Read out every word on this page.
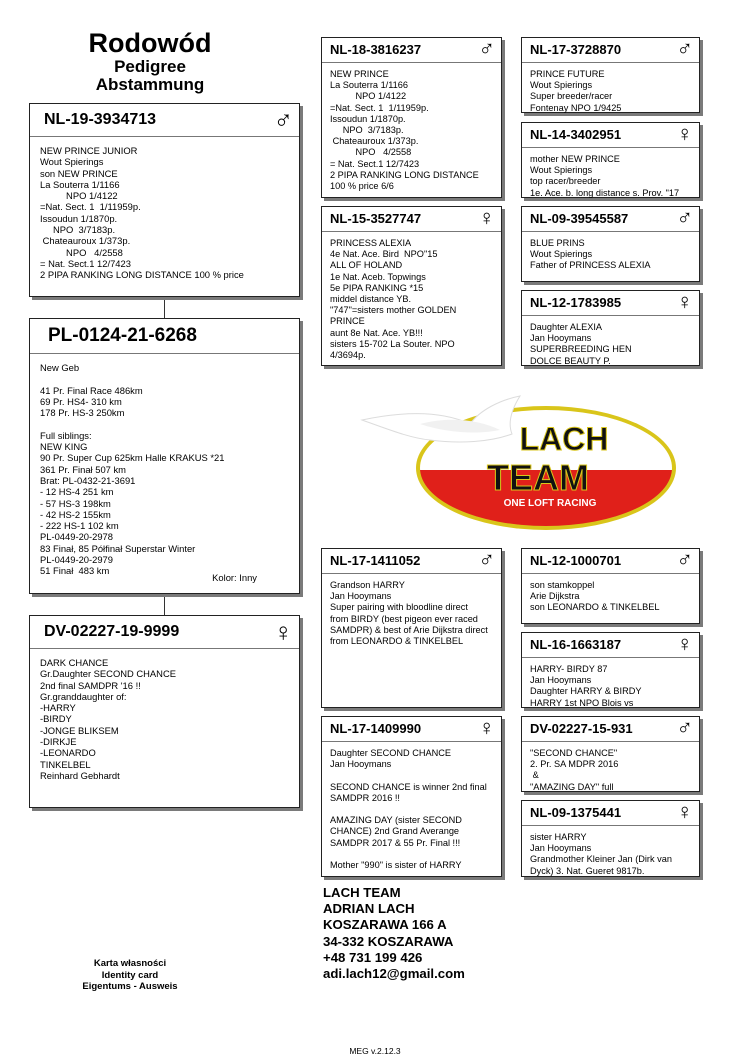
Rodowód
Pedigree
Abstammung
NL-19-3934713	♂
NEW PRINCE JUNIOR
Wout Spierings
son NEW PRINCE
La Souterra 1/1166
NPO 1/4122
=Nat. Sect. 1  1/11959p.
Issoudun 1/1870p.
NPO  3/7183p.
Chateauroux 1/373p.
NPO   4/2558
= Nat. Sect.1 12/7423
2 PIPA RANKING LONG DISTANCE 100 % price
PL-0124-21-6268
New Geb

41 Pr. Final Race 486km
69 Pr. HS4- 310 km
178 Pr. HS-3 250km

Full siblings:
NEW KING
90 Pr. Super Cup 625km Halle KRAKUS *21
361 Pr. Finał 507 km
Brat: PL-0432-21-3691
- 12 HS-4 251 km
- 57 HS-3 198km
- 42 HS-2 155km
- 222 HS-1 102 km
PL-0449-20-2978
83 Finał, 85 Półfinał Superstar Winter
PL-0449-20-2979
51 Finał  483 km
Kolor: Inny
DV-02227-19-9999	♀
DARK CHANCE
Gr.Daughter SECOND CHANCE
2nd final SAMDPR '16 !!
Gr.granddaughter of:
-HARRY
-BIRDY
-JONGE BLIKSEM
-DIRKJE
-LEONARDO
TINKELBEL
Reinhard Gebhardt
NL-18-3816237	♂
NEW PRINCE
La Souterra 1/1166
NPO 1/4122
=Nat. Sect. 1  1/11959p.
Issoudun 1/1870p.
NPO  3/7183p.
Chateauroux 1/373p.
NPO   4/2558
= Nat. Sect.1 12/7423
2 PIPA RANKING LONG DISTANCE
100 % price 6/6
NL-15-3527747	♀
PRINCESS ALEXIA
4e Nat. Ace. Bird  NPO"15
ALL OF HOLAND
1e Nat. Aceb. Topwings
5e PIPA RANKING *15
middel distance YB.
"747"=sisters mother GOLDEN
PRINCE
aunt 8e Nat. Ace. YB!!!
sisters 15-702 La Souter. NPO
4/3694p.
NL-17-1411052	♂
Grandson HARRY
Jan Hooymans
Super pairing with bloodline direct
from BIRDY (best pigeon ever raced
SAMDPR) & best of Arie Dijkstra direct
from LEONARDO & TINKELBEL
NL-17-1409990	♀
Daughter SECOND CHANCE
Jan Hooymans

SECOND CHANCE is winner 2nd final
SAMDPR 2016 !!

AMAZING DAY (sister SECOND
CHANCE) 2nd Grand Averange
SAMDPR 2017 & 55 Pr. Final !!!

Mother "990" is sister of HARRY
NL-17-3728870	♂
PRINCE FUTURE
Wout Spierings
Super breeder/racer
Fontenay NPO 1/9425
NL-14-3402951	♀
mother NEW PRINCE
Wout Spierings
top racer/breeder
1e. Ace. b. long distance s. Prov. "17
NL-09-39545587 ♂
BLUE PRINS
Wout Spierings
Father of PRINCESS ALEXIA
NL-12-1783985	♀
Daughter ALEXIA
Jan Hooymans
SUPERBREEDING HEN
DOLCE BEAUTY P.
NL-12-1000701	♂
son stamkoppel
Arie Dijkstra
son LEONARDO & TINKELBEL
NL-16-1663187	♀
HARRY- BIRDY 87
Jan Hooymans
Daughter HARRY & BIRDY
HARRY 1st NPO Blois vs
DV-02227-15-931 ♂
"SECOND CHANCE"
2. Pr. SA MDPR 2016
&
"AMAZING DAY" full
NL-09-1375441	♀
sister HARRY
Jan Hooymans
Grandmother Kleiner Jan (Dirk van
Dyck) 3. Nat. Gueret 9817b.
LACH
TEAM
ONE LOFT RACING
LACH TEAM
ADRIAN LACH
KOSZARAWA 166 A
34-332 KOSZARAWA
+48 731 199 426
adi.lach12@gmail.com
Karta własności
Identity card
Eigentums - Ausweis
MEG v.2.12.3
